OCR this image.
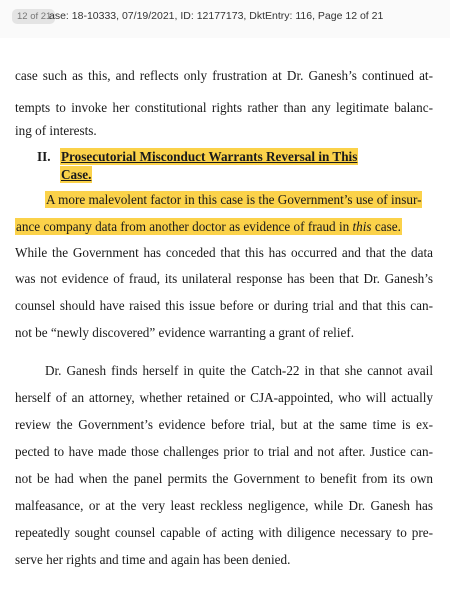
12 of 21
ase: 18-10333, 07/19/2021, ID: 12177173, DktEntry: 116, Page 12 of 21
case such as this, and reflects only frustration at Dr. Ganesh’s continued at-
tempts to invoke her constitutional rights rather than any legitimate balanc-
ing of interests.
II. Prosecutorial Misconduct Warrants Reversal in This
Case.
A more malevolent factor in this case is the Government’s use of insur-
ance company data from another doctor as evidence of fraud in this case.
While the Government has conceded that this has occurred and that the data
was not evidence of fraud, its unilateral response has been that Dr. Ganesh’s
counsel should have raised this issue before or during trial and that this can-
not be “newly discovered” evidence warranting a grant of relief.
Dr. Ganesh finds herself in quite the Catch-22 in that she cannot avail
herself of an attorney, whether retained or CJA-appointed, who will actually
review the Government’s evidence before trial, but at the same time is ex-
pected to have made those challenges prior to trial and not after. Justice can-
not be had when the panel permits the Government to benefit from its own
malfeasance, or at the very least reckless negligence, while Dr. Ganesh has
repeatedly sought counsel capable of acting with diligence necessary to pre-
serve her rights and time and again has been denied.
